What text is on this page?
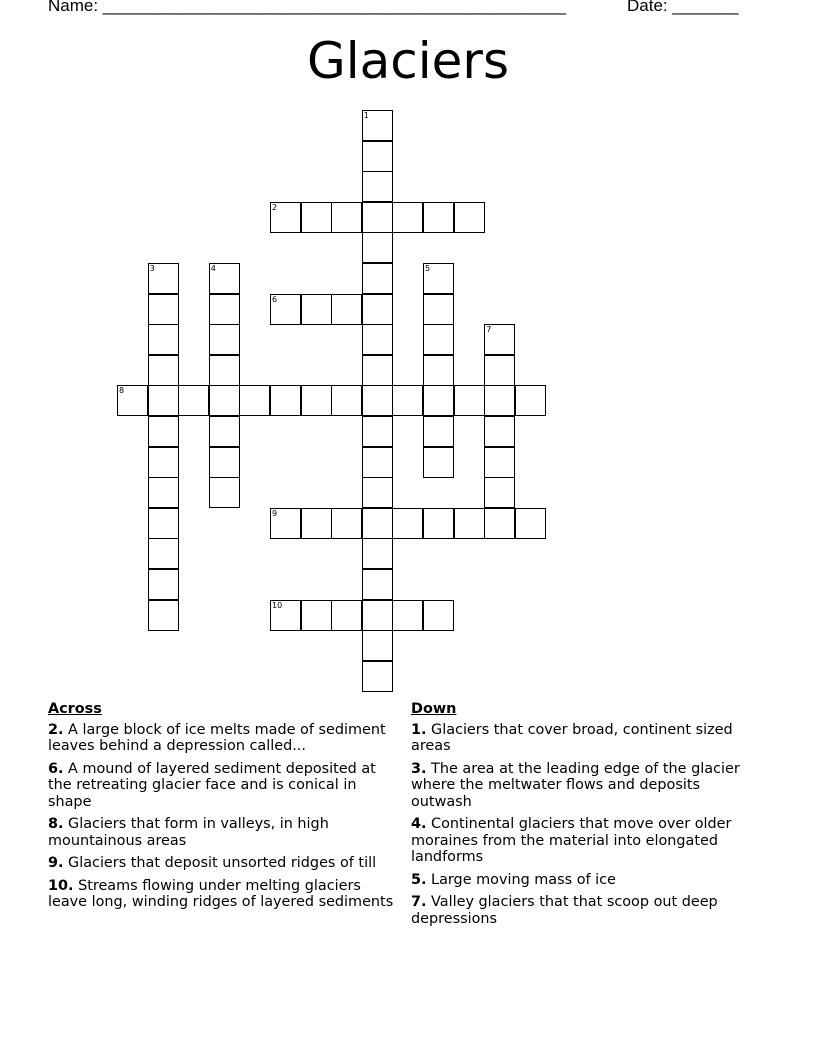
Name: _________________________________________________	Date: _______
Glaciers
1
2
3	4	5
6
7
8
9
10
Across
2. A large block of ice melts made of sediment leaves behind a depression called...
6. A mound of layered sediment deposited at the retreating glacier face and is conical in shape
8. Glaciers that form in valleys, in high mountainous areas
9. Glaciers that deposit unsorted ridges of till
10. Streams flowing under melting glaciers leave long, winding ridges of layered sediments
Down
1. Glaciers that cover broad, continent sized areas
3. The area at the leading edge of the glacier where the meltwater flows and deposits outwash
4. Continental glaciers that move over older moraines from the material into elongated landforms
5. Large moving mass of ice
7. Valley glaciers that that scoop out deep depressions
